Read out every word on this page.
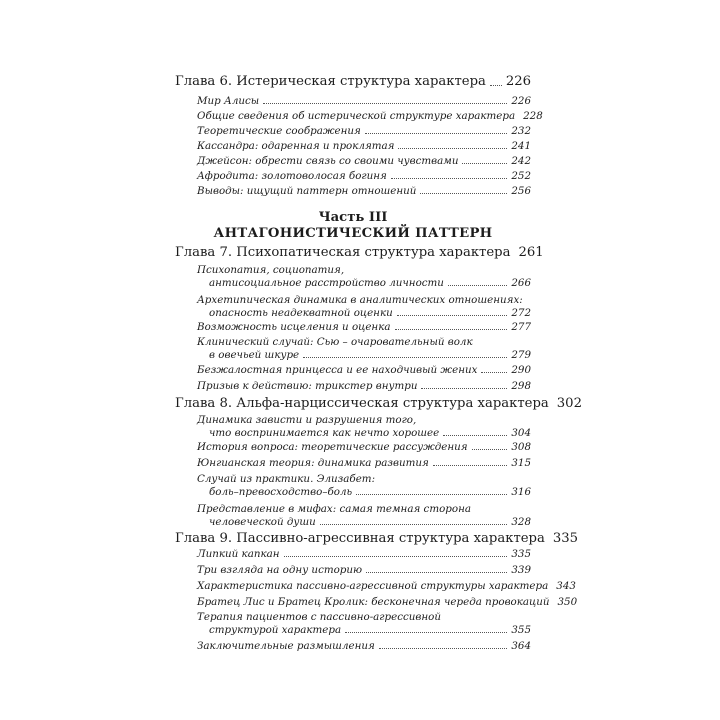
Глава 6. Истерическая структура характера 226
Мир Алисы	226
Общие сведения об истерической структуре характера 228
Теоретические соображения	232
Кассандра: одаренная и проклятая	241
Джейсон: обрести связь со своими чувствами	242
Афродита: золотоволосая богиня	252
Выводы: ищущий паттерн отношений	256
Часть III
АНТАГОНИСТИЧЕСКИЙ ПАТТЕРН
Глава 7. Психопатическая структура характера 261
Психопатия, социопатия,
антисоциальное расстройство личности	266
Архетипическая динамика в аналитических отношениях:
опасность неадекватной оценки	272
Возможность исцеления и оценка	277
Клинический случай: Сью – очаровательный волк
в овечьей шкуре	279
Безжалостная принцесса и ее находчивый жених	290
Призыв к действию: трикстер внутри	298
Глава 8. Альфа-нарциссическая структура характера 302
Динамика зависти и разрушения того,
что воспринимается как нечто хорошее	304
История вопроса: теоретические рассуждения	308
Юнгианская теория: динамика развития	315
Случай из практики. Элизабет:
боль–превосходство–боль	316
Представление в мифах: самая темная сторона
человеческой души	328
Глава 9. Пассивно-агрессивная структура характера 335
Липкий капкан	335
Три взгляда на одну историю	339
Характеристика пассивно-агрессивной структуры характера 343
Братец Лис и Братец Кролик: бесконечная череда провокаций 350
Терапия пациентов с пассивно-агрессивной
структурой характера	355
Заключительные размышления	364
